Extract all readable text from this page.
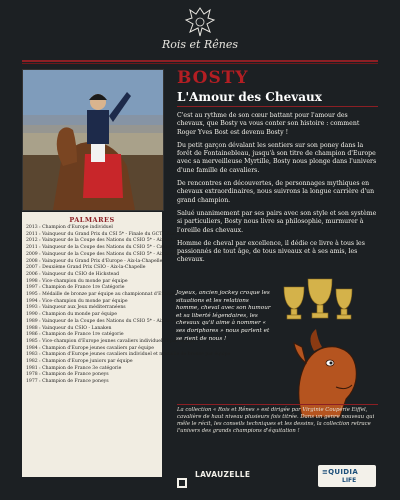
Rois et Rênes
PALMARES
2013 : Champion d'Europe individuel
2011 : Vainqueur du Grand Prix du CSI 5* - Finale du GCT - Abu Dhabi
2012 : Vainqueur de la Coupe des Nations du CSIO 5* - Aix-la-Chapelle
2011 : Vainqueur de la Coupe des Nations du CSIO 5* - Calgary
2009 : Vainqueur de la Coupe des Nations du CSIO 5* - Aix-la-Chapelle
2008 : Vainqueur du Grand Prix d'Europe - Aix-la-Chapelle
2007 : Deuxième Grand Prix CSIO - Aix-la-Chapelle
2006 : Vainqueur du CSIO de Hickstead
1998 : Vice-champion du monde par équipe
1997 : Champion de France 1re Catégorie
1995 : Médaille de bronze par équipe au championnat d'Europe
1994 : Vice-champion du monde par équipe
1993 : Vainqueur aux Jeux méditerranéens
1990 : Champion du monde par équipe
1989 : Vainqueur de la Coupe des Nations du CSIO 5* - Aix-la-Chapelle
1988 : Vainqueur du CSIO - Lanaken
1986 : Champion de France 1re catégorie
1985 : Vice-champion d'Europe jeunes cavaliers individuel et par équipe
1984 : Champion d'Europe jeunes cavaliers par équipe
1983 : Champion d'Europe jeunes cavaliers individuel et médaille de bronze par équipe
1982 : Champion d'Europe juniors par équipe
1981 : Champion de France 3e catégorie
1978 : Champion de France poneys
1977 : Champion de France poneys
BOSTY
L'Amour des Chevaux

C'est au rythme de son cœur battant pour l'amour des chevaux, que Bosty va vous conter son histoire : comment Roger Yves Bost est devenu Bosty !

Du petit garçon dévalant les sentiers sur son poney dans la forêt de Fontainebleau, jusqu'à son titre de champion d'Europe avec sa merveilleuse Myrtille, Bosty nous plonge dans l'univers d'une famille de cavaliers.

De rencontres en découvertes, de personnages mythiques en chevaux extraordinaires, nous suivrons la longue carrière d'un grand champion.

Salué unanimement par ses pairs avec son style et son système si particuliers, Bosty nous livre sa philosophie, murmurer à l'oreille des chevaux.

Homme de cheval par excellence, il dédie ce livre à tous les passionnés de tout âge, de tous niveaux et à ses amis, les chevaux.

Joyeux, ancien jockey croque les situations et les relations homme, cheval avec son humour et sa liberté légendaires, les chevaux qu'il aime à nommer « ses doriphores » nous parlent et se rient de nous !
La collection « Rois et Rênes » est dirigée par Virginie Coupérie Eiffel, cavalière de haut niveau plusieurs fois titrée. Dans un genre nouveau qui mêle le récit, les conseils techniques et les dessins, la collection retrace l'univers des grands champions d'équitation !
LAVAUZELLE	≡QUIDIA
LIFE
